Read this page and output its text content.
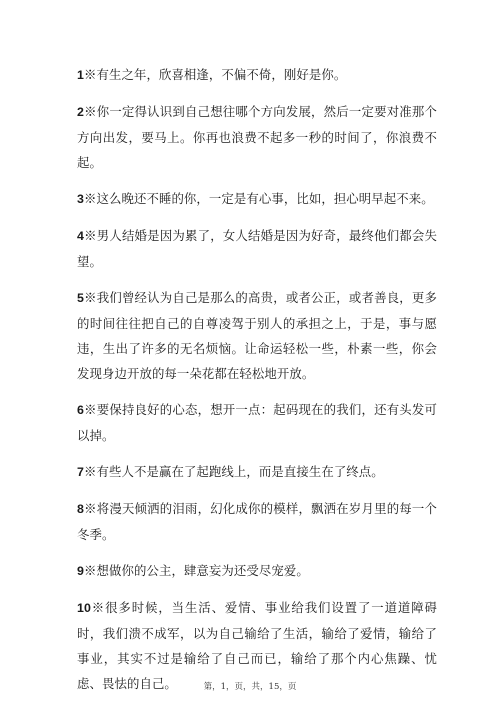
1※有生之年，欣喜相逢，不偏不倚，刚好是你。

2※你一定得认识到自己想往哪个方向发展，然后一定要对准那个方向出发，要马上。你再也浪费不起多一秒的时间了，你浪费不起。

3※这么晚还不睡的你，一定是有心事，比如，担心明早起不来。

4※男人结婚是因为累了，女人结婚是因为好奇，最终他们都会失望。

5※我们曾经认为自己是那么的高贵，或者公正，或者善良，更多的时间往往把自己的自尊凌驾于别人的承担之上，于是，事与愿违，生出了许多的无名烦恼。让命运轻松一些，朴素一些，你会发现身边开放的每一朵花都在轻松地开放。

6※要保持良好的心态，想开一点：起码现在的我们，还有头发可以掉。

7※有些人不是赢在了起跑线上，而是直接生在了终点。

8※将漫天倾洒的泪雨，幻化成你的模样，飘洒在岁月里的每一个冬季。

9※想做你的公主，肆意妄为还受尽宠爱。

10※很多时候，当生活、爱情、事业给我们设置了一道道障碍时，我们溃不成军，以为自己输给了生活，输给了爱情，输给了事业，其实不过是输给了自己而已，输给了那个内心焦躁、忧虑、畏怯的自己。	第，1，页，共，15，页
